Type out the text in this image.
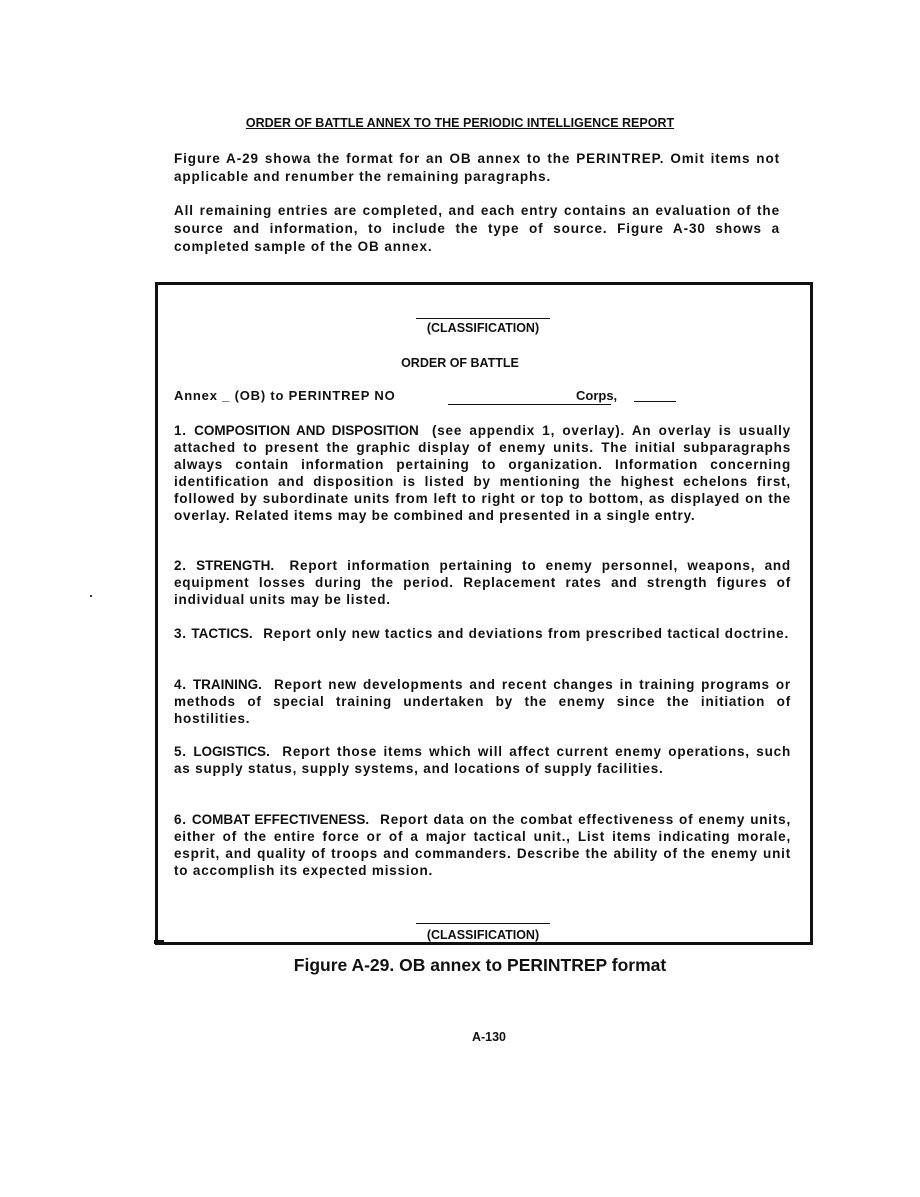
ORDER OF BATTLE ANNEX TO THE PERIODIC INTELLIGENCE REPORT
Figure A-29 showa the format for an OB annex to the PERINTREP. Omit items not applicable and renumber the remaining paragraphs.
All remaining entries are completed, and each entry contains an evaluation of the source and information, to include the type of source. Figure A-30 shows a completed sample of the OB annex.
(CLASSIFICATION)
ORDER OF BATTLE
Annex _ (OB) to PERINTREP NO	Corps,
1. COMPOSITION AND DISPOSITION (see appendix 1, overlay). An overlay is usually attached to present the graphic display of enemy units. The initial subparagraphs always contain information pertaining to organization. Information concerning identification and disposition is listed by mentioning the highest echelons first, followed by subordinate units from left to right or top to bottom, as displayed on the overlay. Related items may be combined and presented in a single entry.
2. STRENGTH. Report information pertaining to enemy personnel, weapons, and equipment losses during the period. Replacement rates and strength figures of individual units may be listed.
3. TACTICS. Report only new tactics and deviations from prescribed tactical doctrine.
4. TRAINING. Report new developments and recent changes in training programs or methods of special training undertaken by the enemy since the initiation of hostilities.
5. LOGISTICS. Report those items which will affect current enemy operations, such as supply status, supply systems, and locations of supply facilities.
6. COMBAT EFFECTIVENESS. Report data on the combat effectiveness of enemy units, either of the entire force or of a major tactical unit., List items indicating morale, esprit, and quality of troops and commanders. Describe the ability of the enemy unit to accomplish its expected mission.
(CLASSIFICATION)
Figure A-29. OB annex to PERINTREP format
A-130
